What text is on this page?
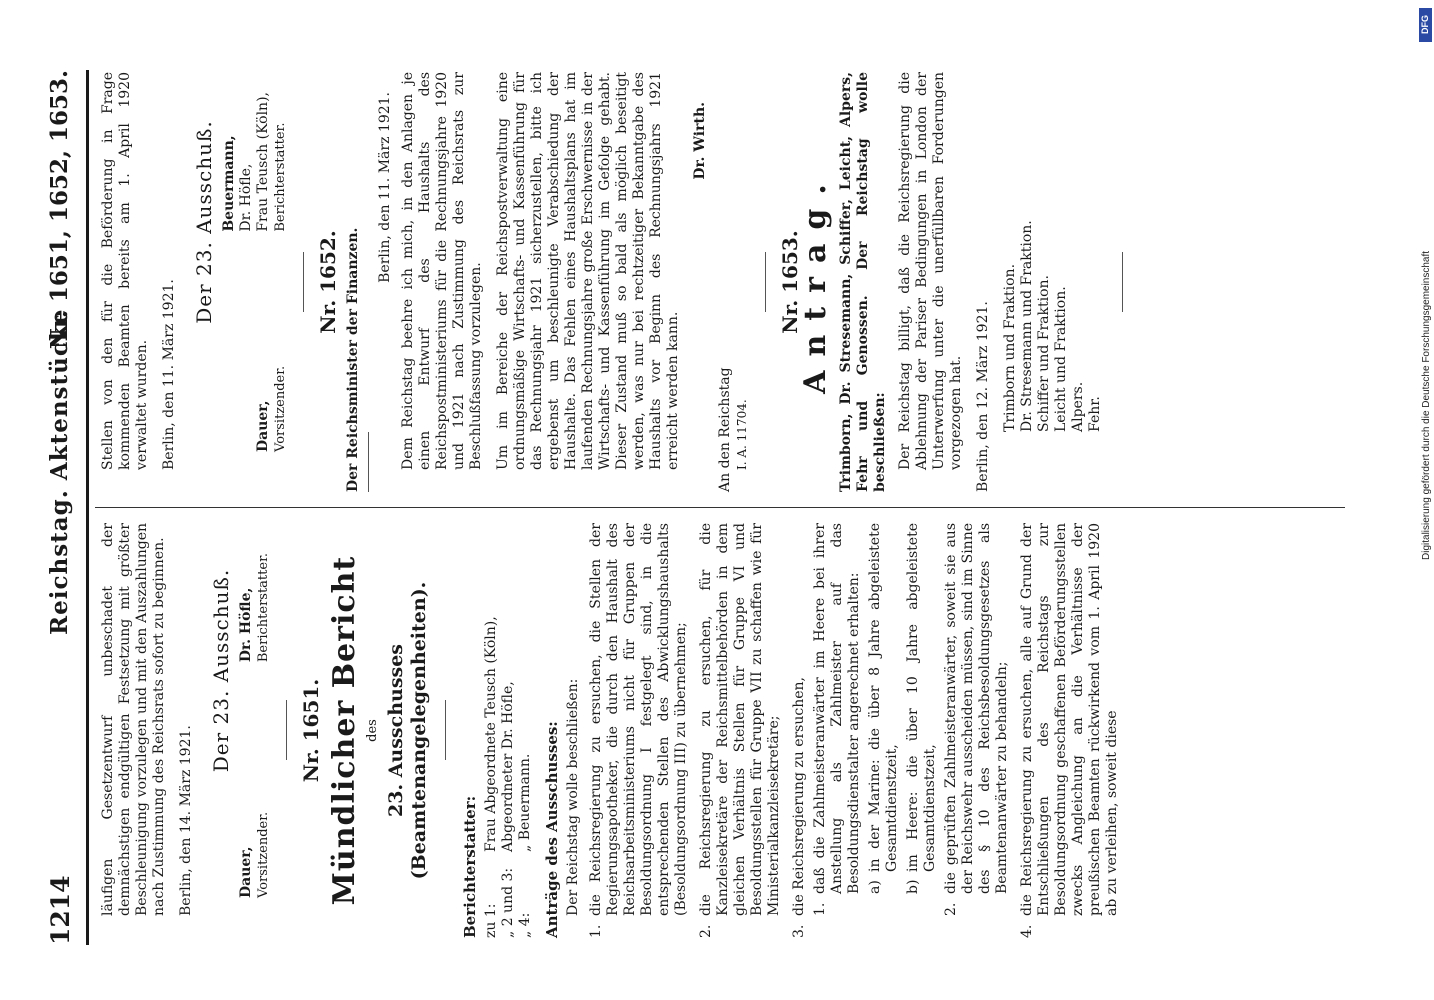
1214
Reichstag. Aktenstücke
Nr. 1651, 1652, 1653.

läufigen Gesetzentwurf unbeschadet der demnächstigen endgültigen Festsetzung mit größter Beschleunigung vorzulegen und mit den Auszahlungen nach Zustimmung des Reichsrats sofort zu beginnen. Berlin, den 14. März 1921.

Der 23. Ausschuß.
Dauer, Vorsitzender.
Dr. Höfle, Berichterstatter.
Nr. 1651. Mündlicher Bericht des 23. Ausschusses (Beamtenangelegenheiten). Berichterstatter: zu 1:
Frau Abgeordnete Teusch (Köln),
„ 2 und 3:
Abgeordneter Dr. Höfle,
„ 4:
„ Beuermann. Anträge des Ausschusses: Der Reichstag wolle beschließen:
1.
die Reichsregierung zu ersuchen, die Stellen der Regierungsapotheker, die durch den Haushalt des Reichsarbeitsministeriums nicht für Gruppen der Besoldungsordnung I festgelegt sind, in die entsprechenden Stellen des Abwicklungshaushalts (Besoldungsordnung III) zu übernehmen;
2.
die Reichsregierung zu ersuchen, für die Kanzleisekretäre der Reichsmittelbehörden in dem gleichen Verhältnis Stellen für Gruppe VI und Besoldungsstellen für Gruppe VII zu schaffen wie für Ministerialkanzleisekretäre;
3.
die Reichsregierung zu ersuchen, 1.
daß die Zahlmeisteranwärter im Heere bei ihrer Anstellung als Zahlmeister auf das Besoldungsdienstalter angerechnet erhalten: a)
in der Marine: die über 8 Jahre abgeleistete Gesamtdienstzeit,
b)
im Heere: die über 10 Jahre abgeleistete Gesamtdienstzeit,
2.
die geprüften Zahlmeisteranwärter, soweit sie aus der Reichswehr ausscheiden müssen, sind im Sinne des § 10 des Reichsbesoldungsgesetzes als Beamtenanwärter zu behandeln;
4.
die Reichsregierung zu ersuchen, alle auf Grund der Entschließungen des Reichstags zur Besoldungsordnung geschaffenen Beförderungsstellen zwecks Angleichung an die Verhältnisse der preußischen Beamten rückwirkend vom 1. April 1920 ab zu verleihen, soweit diese

Stellen von den für die Beförderung in Frage kommenden Beamten bereits am 1. April 1920 verwaltet wurden. Berlin, den 11. März 1921.

Der 23. Ausschuß.
Dauer, Vorsitzender.
Beuermann, Dr. Höfle, Frau Teusch (Köln), Berichterstatter.
Nr. 1652. Der Reichsminister der Finanzen.
Berlin, den 11. März 1921. Dem Reichstag beehre ich mich, in den Anlagen je einen Entwurf des Haushalts des Reichspostministeriums für die Rechnungsjahre 1920 und 1921 nach Zustimmung des Reichsrats zur Beschlußfassung vorzulegen. Um im Bereiche der Reichspostverwaltung eine ordnungsmäßige Wirtschafts- und Kassenführung für das Rechnungsjahr 1921 sicherzustellen, bitte ich ergebenst um beschleunigte Verabschiedung der Haushalte. Das Fehlen eines Haushaltsplans hat im laufenden Rechnungsjahre große Erschwernisse in der Wirtschafts- und Kassenführung im Gefolge gehabt. Dieser Zustand muß so bald als möglich beseitigt werden, was nur bei rechtzeitiger Bekanntgabe des Haushalts vor Beginn des Rechnungsjahrs 1921 erreicht werden kann.

Dr. Wirth.
An den Reichstag I. A. 11704.
Nr. 1653.
Antrag. Trimborn, Dr. Stresemann, Schiffer, Leicht, Alpers, Fehr und Genossen. Der Reichstag wolle beschließen: Der Reichstag billigt, daß die Reichsregierung die Ablehnung der Pariser Bedingungen in London der Unterwerfung unter die unerfüllbaren Forderungen vorgezogen hat. Berlin, den 12. März 1921. Trimborn und Fraktion. Dr. Stresemann und Fraktion. Schiffer und Fraktion. Leicht und Fraktion. Alpers. Fehr.	Digitalisierung gefördert durch die Deutsche Forschungsgemeinschaft
DFG
